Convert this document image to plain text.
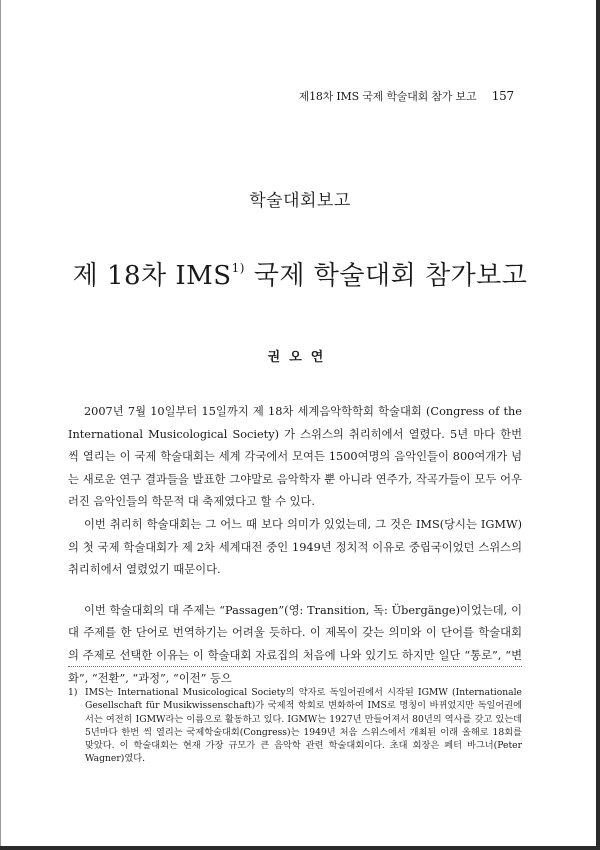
제18차 IMS 국제 학술대회 참가 보고 157
학술대회보고
제 18차 IMS$^{1)}$ 국제 학술대회 참가보고
권오연

2007년 7월 10일부터 15일까지 제 18차 세계음악학학회 학술대회 (Congress of the International Musicological Society) 가 스위스의 취리히에서 열렸다. 5년 마다 한번 씩 열리는 이 국제 학술대회는 세계 각국에서 모여든 1500여명의 음악인들이 800여개가 넘는 새로운 연구 결과들을 발표한 그야말로 음악학자 뿐 아니라 연주가, 작곡가들이 모두 어우러진 음악인들의 학문적 대 축제였다고 할 수 있다.

이번 취리히 학술대회는 그 어느 때 보다 의미가 있었는데, 그 것은 IMS(당시는 IGMW)의 첫 국제 학술대회가 제 2차 세계대전 중인 1949년 정치적 이유로 중립국이었던 스위스의 취리히에서 열렸었기 때문이다.

이번 학술대회의 대 주제는 “Passagen”(영: Transition, 독: Übergänge)이었는데, 이 대 주제를 한 단어로 번역하기는 어려울 듯하다. 이 제목이 갖는 의미와 이 단어를 학술대회의 주제로 선택한 이유는 이 학술대회 자료집의 처음에 나와 있기도 하지만 일단 “통로”, “변화”, “전환”, “과정”, “이전” 등으

1) IMS는 International Musicological Society의 약자로 독일어권에서 시작된 IGMW (Internationale Gesellschaft für Musikwissenschaft)가 국제적 학회로 변화하여 IMS로 명칭이 바뀌었지만 독일어권에서는 여전히 IGMW라는 이름으로 활동하고 있다. IGMW는 1927년 만들어져서 80년의 역사를 갖고 있는데 5년마다 한번 씩 열리는 국제학술대회(Congress)는 1949년 처음 스위스에서 개최된 이래 올해로 18회를 맞았다. 이 학술대회는 현재 가장 규모가 큰 음악학 관련 학술대회이다. 초대 회장은 페터 바그너(Peter Wagner)였다.
